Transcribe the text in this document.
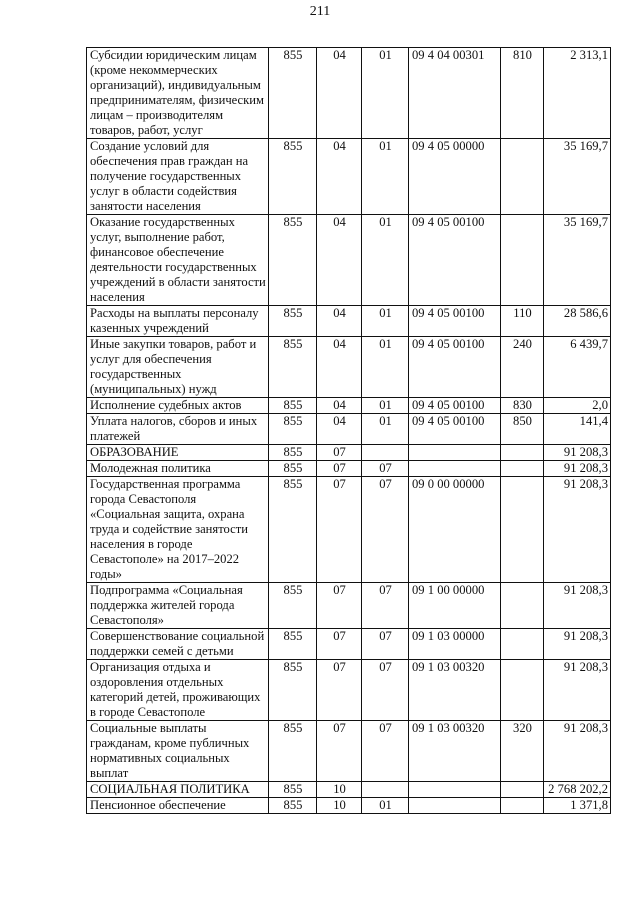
211
Субсидии юридическим лицам (кроме некоммерческих организаций), индивидуальным предпринимателям, физическим лицам – производителям товаров, работ, услуг	855	04	01	09 4 04 00301	810	2 313,1
Создание условий для обеспечения прав граждан на получение государственных услуг в области содействия занятости населения	855	04	01	09 4 05 00000		35 169,7
Оказание государственных услуг, выполнение работ, финансовое обеспечение деятельности государственных учреждений в области занятости населения	855	04	01	09 4 05 00100		35 169,7
Расходы на выплаты персоналу казенных учреждений	855	04	01	09 4 05 00100	110	28 586,6
Иные закупки товаров, работ и услуг для обеспечения государственных (муниципальных) нужд	855	04	01	09 4 05 00100	240	6 439,7
Исполнение судебных актов	855	04	01	09 4 05 00100	830	2,0
Уплата налогов, сборов и иных платежей	855	04	01	09 4 05 00100	850	141,4
ОБРАЗОВАНИЕ	855	07				91 208,3
Молодежная политика	855	07	07			91 208,3
Государственная программа города Севастополя «Социальная защита, охрана труда и содействие занятости населения в городе Севастополе» на 2017–2022 годы»	855	07	07	09 0 00 00000		91 208,3
Подпрограмма «Социальная поддержка жителей города Севастополя»	855	07	07	09 1 00 00000		91 208,3
Совершенствование социальной поддержки семей с детьми	855	07	07	09 1 03 00000		91 208,3
Организация отдыха и оздоровления отдельных категорий детей, проживающих в городе Севастополе	855	07	07	09 1 03 00320		91 208,3
Социальные выплаты гражданам, кроме публичных нормативных социальных выплат	855	07	07	09 1 03 00320	320	91 208,3
СОЦИАЛЬНАЯ ПОЛИТИКА	855	10				2 768 202,2
Пенсионное обеспечение	855	10	01			1 371,8
